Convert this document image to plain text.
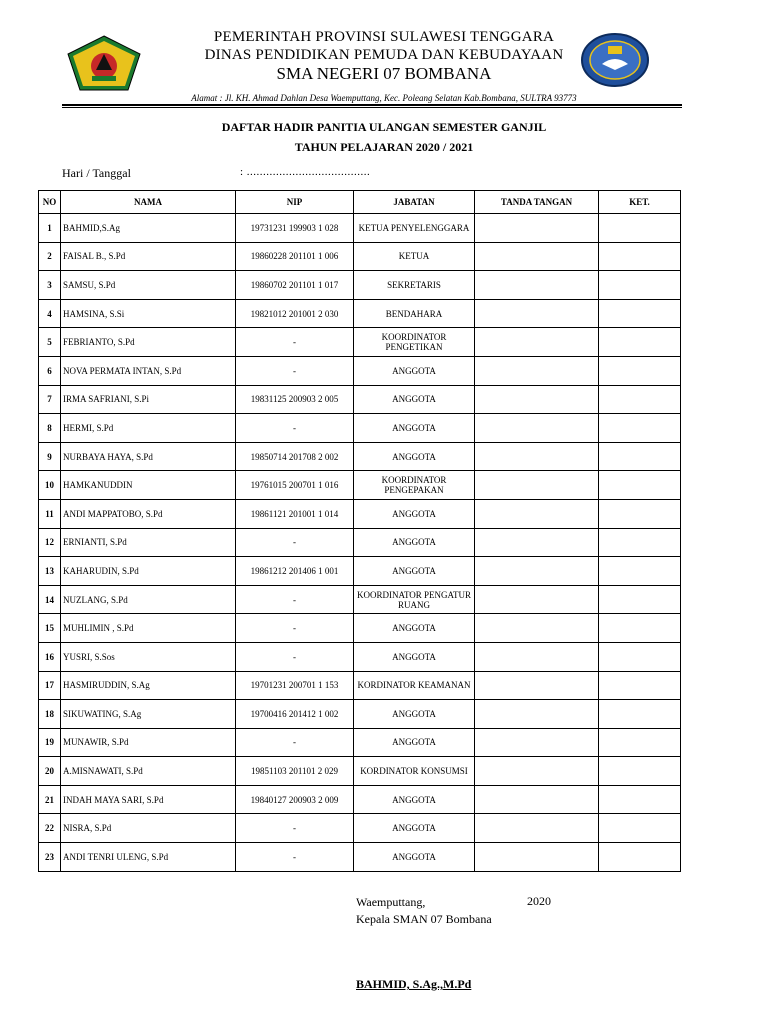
PEMERINTAH PROVINSI SULAWESI TENGGARA
DINAS PENDIDIKAN PEMUDA DAN KEBUDAYAAN
SMA NEGERI 07 BOMBANA
Alamat : Jl. KH. Ahmad Dahlan Desa Waemputtang, Kec. Poleang Selatan Kab.Bombana, SULTRA 93773
DAFTAR HADIR PANITIA ULANGAN SEMESTER GANJIL
TAHUN PELAJARAN 2020 / 2021
Hari / Tanggal	: ......................................
NO	NAMA	NIP	JABATAN	TANDA TANGAN	KET.
1	BAHMID,S.Ag	19731231 199903 1 028	KETUA PENYELENGGARA		
2	FAISAL B., S.Pd	19860228 201101 1 006	KETUA		
3	SAMSU, S.Pd	19860702 201101 1 017	SEKRETARIS		
4	HAMSINA, S.Si	19821012 201001 2 030	BENDAHARA		
5	FEBRIANTO, S.Pd	-	KOORDINATOR PENGETIKAN		
6	NOVA PERMATA INTAN, S.Pd	-	ANGGOTA		
7	IRMA SAFRIANI, S.Pi	19831125 200903 2 005	ANGGOTA		
8	HERMI, S.Pd	-	ANGGOTA		
9	NURBAYA HAYA, S.Pd	19850714 201708 2 002	ANGGOTA		
10	HAMKANUDDIN	19761015 200701 1 016	KOORDINATOR PENGEPAKAN		
11	ANDI MAPPATOBO, S.Pd	19861121 201001 1 014	ANGGOTA		
12	ERNIANTI, S.Pd	-	ANGGOTA		
13	KAHARUDIN, S.Pd	19861212 201406 1 001	ANGGOTA		
14	NUZLANG, S.Pd	-	KOORDINATOR PENGATUR RUANG		
15	MUHLIMIN , S.Pd	-	ANGGOTA		
16	YUSRI, S.Sos	-	ANGGOTA		
17	HASMIRUDDIN, S.Ag	19701231 200701 1 153	KORDINATOR KEAMANAN		
18	SIKUWATING, S.Ag	19700416 201412 1 002	ANGGOTA		
19	MUNAWIR, S.Pd	-	ANGGOTA		
20	A.MISNAWATI, S.Pd	19851103 201101 2 029	KORDINATOR KONSUMSI		
21	INDAH MAYA SARI, S.Pd	19840127 200903 2 009	ANGGOTA		
22	NISRA, S.Pd	-	ANGGOTA		
23	ANDI TENRI ULENG, S.Pd	-	ANGGOTA		
Waemputtang,
Kepala SMAN 07 Bombana
2020
BAHMID, S.Ag.,M.Pd
